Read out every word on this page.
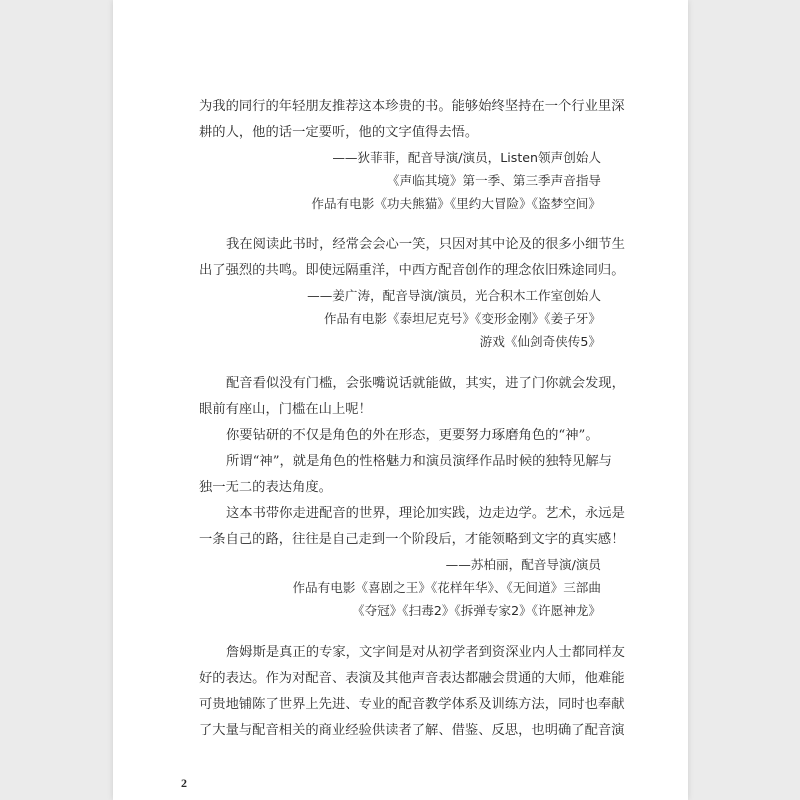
为我的同行的年轻朋友推荐这本珍贵的书。能够始终坚持在一个行业里深
耕的人，他的话一定要听，他的文字值得去悟。

——狄菲菲，配音导演/演员，Listen领声创始人

《声临其境》第一季、第三季声音指导

作品有电影《功夫熊猫》《里约大冒险》《盗梦空间》

我在阅读此书时，经常会会心一笑，只因对其中论及的很多小细节生
出了强烈的共鸣。即使远隔重洋，中西方配音创作的理念依旧殊途同归。

——姜广涛，配音导演/演员，光合积木工作室创始人

作品有电影《泰坦尼克号》《变形金刚》《姜子牙》

游戏《仙剑奇侠传5》

配音看似没有门槛，会张嘴说话就能做，其实，进了门你就会发现，
眼前有座山，门槛在山上呢！

你要钻研的不仅是角色的外在形态，更要努力琢磨角色的“神”。

所谓“神”，就是角色的性格魅力和演员演绎作品时候的独特见解与
独一无二的表达角度。

这本书带你走进配音的世界，理论加实践，边走边学。艺术，永远是
一条自己的路，往往是自己走到一个阶段后，才能领略到文字的真实感！

——苏柏丽，配音导演/演员

作品有电影《喜剧之王》《花样年华》、《无间道》三部曲

《夺冠》《扫毒2》《拆弹专家2》《许愿神龙》

詹姆斯是真正的专家，文字间是对从初学者到资深业内人士都同样友
好的表达。作为对配音、表演及其他声音表达都融会贯通的大师，他难能
可贵地铺陈了世界上先进、专业的配音教学体系及训练方法，同时也奉献
了大量与配音相关的商业经验供读者了解、借鉴、反思，也明确了配音演

2
